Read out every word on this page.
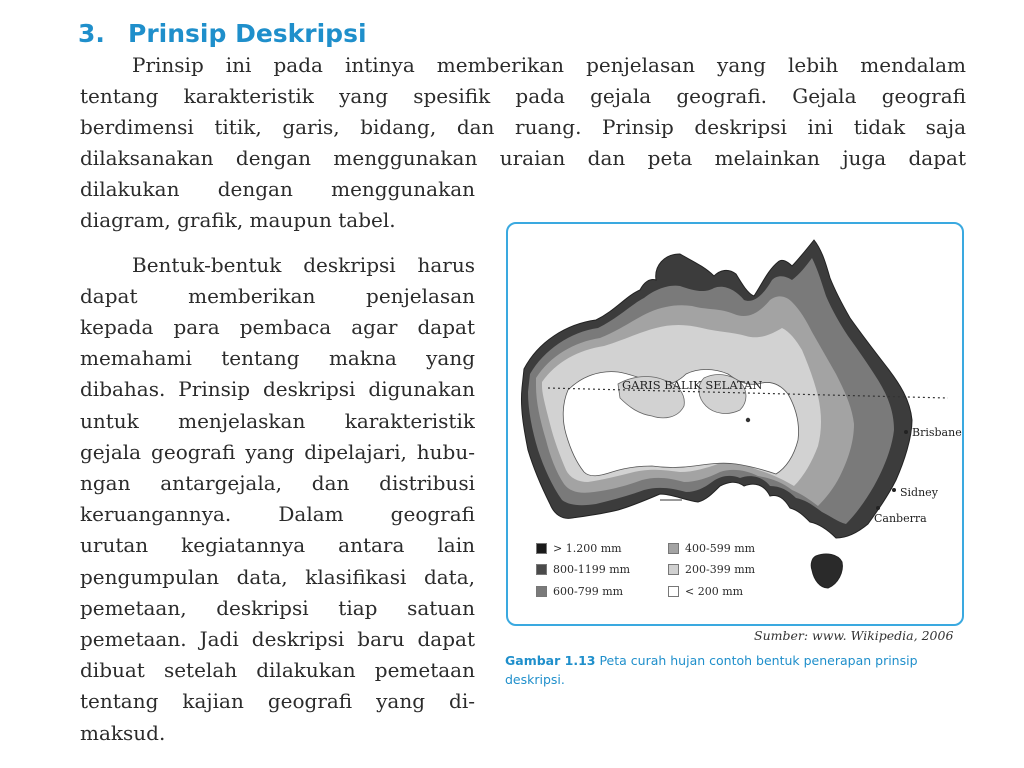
3. Prinsip Deskripsi

Prinsip ini pada intinya memberikan penjelasan yang lebih mendalam

tentang karakteristik yang spesifik pada gejala geografi. Gejala geografi

berdimensi titik, garis, bidang, dan ruang. Prinsip deskripsi ini tidak saja

dilaksanakan dengan menggunakan uraian dan peta melainkan juga dapat

dilakukan dengan menggunakan

diagram, grafik, maupun tabel.

Bentuk-bentuk deskripsi harus

dapat memberikan penjelasan

kepada para pembaca agar dapat

memahami tentang makna yang

dibahas. Prinsip deskripsi digunakan

untuk menjelaskan karakteristik

gejala geografi yang dipelajari, hubu-

ngan antargejala, dan distribusi

keruangannya. Dalam geografi

urutan kegiatannya antara lain

pengumpulan data, klasifikasi data,

pemetaan, deskripsi tiap satuan

pemetaan. Jadi deskripsi baru dapat

dibuat setelah dilakukan pemetaan

tentang kajian geografi yang di-

maksud.

GARIS BALIK SELATAN
Brisbane
Sidney
Canberra
> 1.200 mm
800-1199 mm
600-799 mm
400-599 mm
200-399 mm
< 200 mm
Sumber: www. Wikipedia, 2006
Gambar 1.13 Peta curah hujan contoh bentuk penerapan prinsip deskripsi.
